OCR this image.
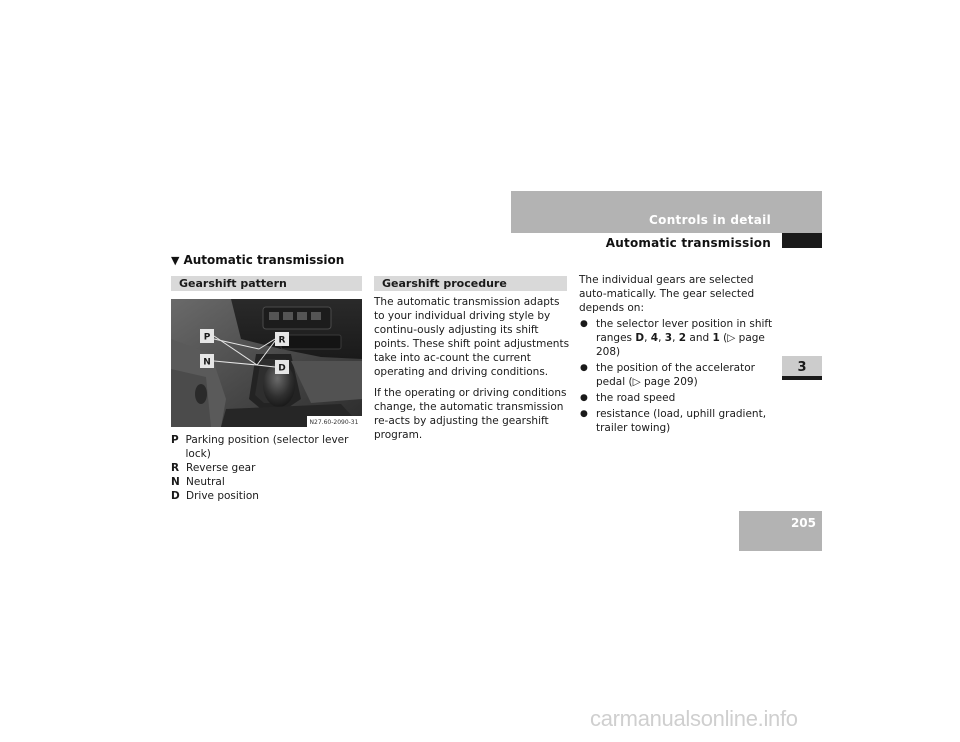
Controls in detail
Automatic transmission
3
205
▼ Automatic transmission
Gearshift pattern
P	R
N
D
N27.60-2090-31
P Parking position (selector lever lock)
R Reverse gear
N Neutral
D Drive position
Gearshift procedure

The automatic transmission adapts to your individual driving style by continu-ously adjusting its shift points. These shift point adjustments take into ac-count the current operating and driving conditions.

If the operating or driving conditions change, the automatic transmission re-acts by adjusting the gearshift program.

The individual gears are selected auto-matically. The gear selected depends on:

● the selector lever position in shift ranges D, 4, 3, 2 and 1 (▷ page 208)
● the position of the accelerator pedal (▷ page 209)
● the road speed
● resistance (load, uphill gradient, trailer towing)
carmanualsonline.info
